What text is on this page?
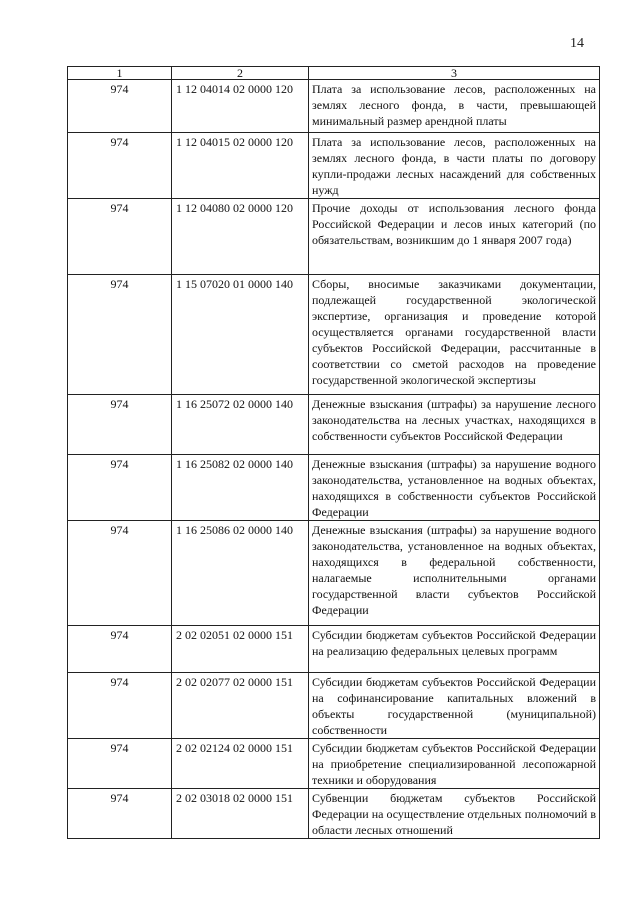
14
1	2	3
974	1 12 04014 02 0000 120	Плата за использование лесов, расположенных на землях лесного фонда, в части, превышающей минимальный размер арендной платы
974	1 12 04015 02 0000 120	Плата за использование лесов, расположенных на землях лесного фонда, в части платы по договору купли-продажи лесных насаждений для собственных нужд
974	1 12 04080 02 0000 120	Прочие доходы от использования лесного фонда Российской Федерации и лесов иных категорий (по обязательствам, возникшим до 1 января 2007 года)
974	1 15 07020 01 0000 140	Сборы, вносимые заказчиками документации, подлежащей государственной экологической экспертизе, организация и проведение которой осуществляется органами государственной власти субъектов Российской Федерации, рассчитанные в соответствии со сметой расходов на проведение государственной экологической экспертизы
974	1 16 25072 02 0000 140	Денежные взыскания (штрафы) за нарушение лесного законодательства на лесных участках, находящихся в собственности субъектов Российской Федерации
974	1 16 25082 02 0000 140	Денежные взыскания (штрафы) за нарушение водного законодательства, установленное на водных объектах, находящихся в собственности субъектов Российской Федерации
974	1 16 25086 02 0000 140	Денежные взыскания (штрафы) за нарушение водного законодательства, установленное на водных объектах, находящихся в федеральной собственности, налагаемые исполнительными органами государственной власти субъектов Российской Федерации
974	2 02 02051 02 0000 151	Субсидии бюджетам субъектов Российской Федерации на реализацию федеральных целевых программ
974	2 02 02077 02 0000 151	Субсидии бюджетам субъектов Российской Федерации на софинансирование капитальных вложений в объекты государственной (муниципальной) собственности
974	2 02 02124 02 0000 151	Субсидии бюджетам субъектов Российской Федерации на приобретение специализированной лесопожарной техники и оборудования
974	2 02 03018 02 0000 151	Субвенции бюджетам субъектов Российской Федерации на осуществление отдельных полномочий в области лесных отношений
